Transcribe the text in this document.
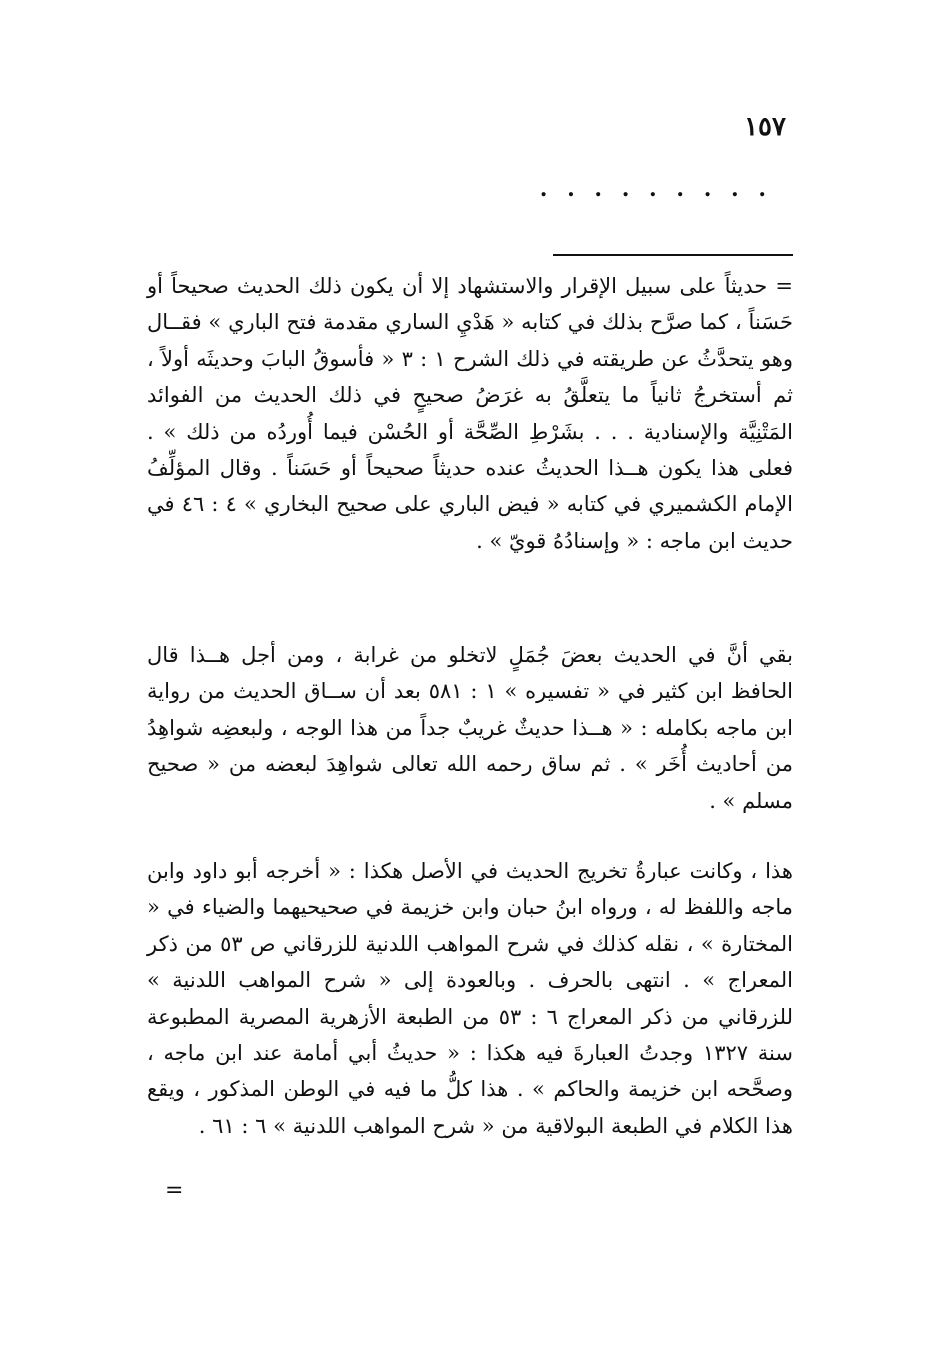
١٥٧
. . . . . . . . .

= حديثاً على سبيل الإقرار والاستشهاد إلا أن يكون ذلك الحديث صحيحاً أو حَسَناً ، كما صرَّح بذلك في كتابه « هَدْيِ الساري مقدمة فتح الباري » فقــال وهو يتحدَّثُ عن طريقته في ذلك الشرح ١ : ٣ « فأسوقُ البابَ وحديثَه أولاً ، ثم أستخرجُ ثانياً ما يتعلَّقُ به غرَضُ صحيحٍ في ذلك الحديث من الفوائد المَتْنِيَّة والإسنادية . . . بشَرْطِ الصِّحَّة أو الحُسْن فيما أُوردُه من ذلك » . فعلى هذا يكون هــذا الحديثُ عنده حديثاً صحيحاً أو حَسَناً . وقال المؤلِّفُ الإمام الكشميري في كتابه « فيض الباري على صحيح البخاري » ٤ : ٤٦ في حديث ابن ماجه : « وإسنادُهُ قويّ » .

بقي أنَّ في الحديث بعضَ جُمَلٍ لاتخلو من غرابة ، ومن أجل هــذا قال الحافظ ابن كثير في « تفسيره » ١ : ٥٨١ بعد أن ســاق الحديث من رواية ابن ماجه بكامله : « هــذا حديثٌ غريبٌ جداً من هذا الوجه ، ولبعضِه شواهِدُ من أحاديث أُخَر » . ثم ساق رحمه الله تعالى شواهِدَ لبعضه من « صحيح مسلم » .

هذا ، وكانت عبارةُ تخريج الحديث في الأصل هكذا : « أخرجه أبو داود وابن ماجه واللفظ له ، ورواه ابنُ حبان وابن خزيمة في صحيحيهما والضياء في « المختارة » ، نقله كذلك في شرح المواهب اللدنية للزرقاني ص ٥٣ من ذكر المعراج » . انتهى بالحرف . وبالعودة إلى « شرح المواهب اللدنية » للزرقاني من ذكر المعراج ٦ : ٥٣ من الطبعة الأزهرية المصرية المطبوعة سنة ١٣٢٧ وجدتُ العبارةَ فيه هكذا : « حديثُ أبي أمامة عند ابن ماجه ، وصحَّحه ابن خزيمة والحاكم » . هذا كلُّ ما فيه في الوطن المذكور ، ويقع هذا الكلام في الطبعة البولاقية من « شرح المواهب اللدنية » ٦ : ٦١ .

=
